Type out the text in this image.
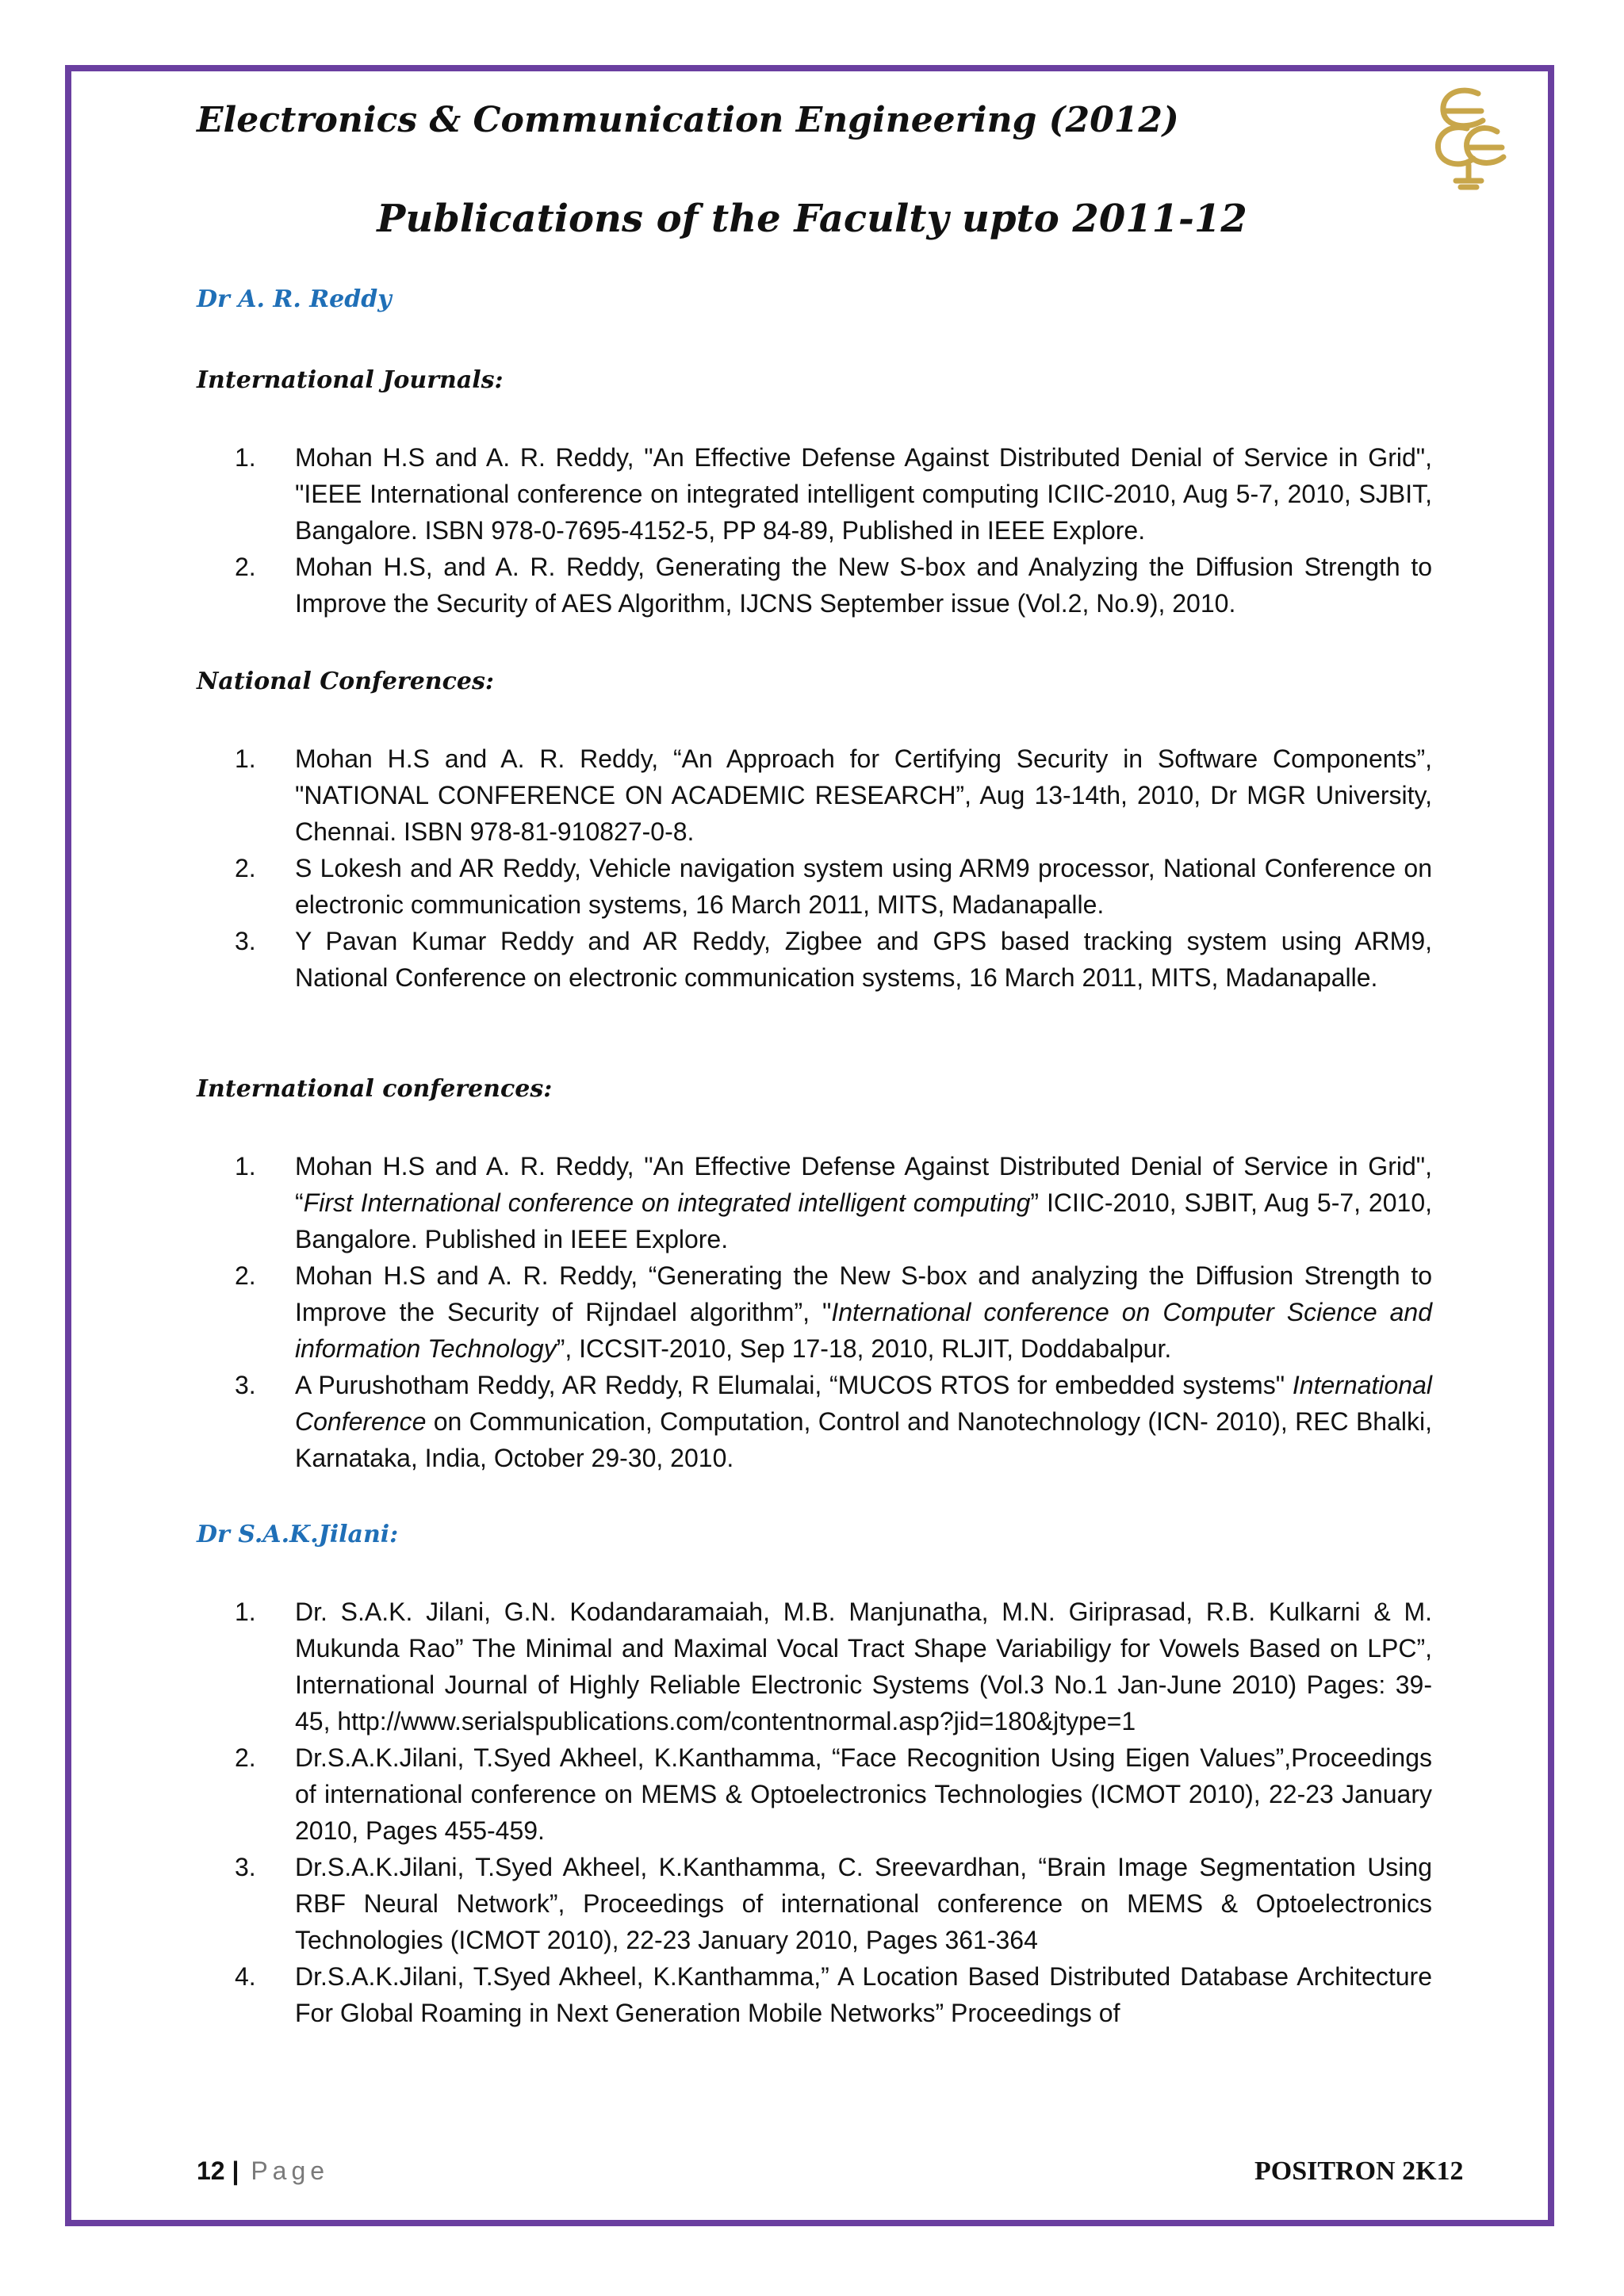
Electronics & Communication Engineering (2012)
Publications of the Faculty upto 2011-12
Dr A. R. Reddy
International Journals:
1.	Mohan H.S and A. R. Reddy, "An Effective Defense Against Distributed Denial of Service in Grid", "IEEE International conference on integrated intelligent computing ICIIC-2010, Aug 5-7, 2010, SJBIT, Bangalore. ISBN 978-0-7695-4152-5, PP 84-89, Published in IEEE Explore.
2.	Mohan H.S, and A. R. Reddy, Generating the New S-box and Analyzing the Diffusion Strength to Improve the Security of AES Algorithm, IJCNS September issue (Vol.2, No.9), 2010.
National Conferences:
1.	Mohan H.S and A. R. Reddy, “An Approach for Certifying Security in Software Components”, "NATIONAL CONFERENCE ON ACADEMIC RESEARCH”, Aug 13-14th, 2010, Dr MGR University, Chennai. ISBN 978-81-910827-0-8.
2.	S Lokesh and AR Reddy, Vehicle navigation system using ARM9 processor, National Conference on electronic communication systems, 16 March 2011, MITS, Madanapalle.
3.	Y Pavan Kumar Reddy and AR Reddy, Zigbee and GPS based tracking system using ARM9, National Conference on electronic communication systems, 16 March 2011, MITS, Madanapalle.
International conferences:
1.	Mohan H.S and A. R. Reddy, "An Effective Defense Against Distributed Denial of Service in Grid", “First International conference on integrated intelligent computing” ICIIC-2010, SJBIT, Aug 5-7, 2010, Bangalore. Published in IEEE Explore.
2.	Mohan H.S and A. R. Reddy, “Generating the New S-box and analyzing the Diffusion Strength to Improve the Security of Rijndael algorithm”, "International conference on Computer Science and information Technology”, ICCSIT-2010, Sep 17-18, 2010, RLJIT, Doddabalpur.
3.	A Purushotham Reddy, AR Reddy, R Elumalai, “MUCOS RTOS for embedded systems" International Conference on Communication, Computation, Control and Nanotechnology (ICN- 2010), REC Bhalki, Karnataka, India, October 29-30, 2010.
Dr S.A.K.Jilani:
1.	Dr. S.A.K. Jilani, G.N. Kodandaramaiah, M.B. Manjunatha, M.N. Giriprasad, R.B. Kulkarni & M. Mukunda Rao” The Minimal and Maximal Vocal Tract Shape Variabiligy for Vowels Based on LPC”, International Journal of Highly Reliable Electronic Systems (Vol.3 No.1 Jan-June 2010) Pages: 39-45, http://www.serialspublications.com/contentnormal.asp?jid=180&jtype=1
2.	Dr.S.A.K.Jilani, T.Syed Akheel, K.Kanthamma, “Face Recognition Using Eigen Values”,Proceedings of international conference on MEMS & Optoelectronics Technologies (ICMOT 2010), 22-23 January 2010, Pages 455-459.
3.	Dr.S.A.K.Jilani, T.Syed Akheel, K.Kanthamma, C. Sreevardhan, “Brain Image Segmentation Using RBF Neural Network”, Proceedings of international conference on MEMS & Optoelectronics Technologies (ICMOT 2010), 22-23 January 2010, Pages 361-364
4.	Dr.S.A.K.Jilani, T.Syed Akheel, K.Kanthamma,” A Location Based Distributed Database Architecture For Global Roaming in Next Generation Mobile Networks” Proceedings of
12 | Page	POSITRON 2K12
